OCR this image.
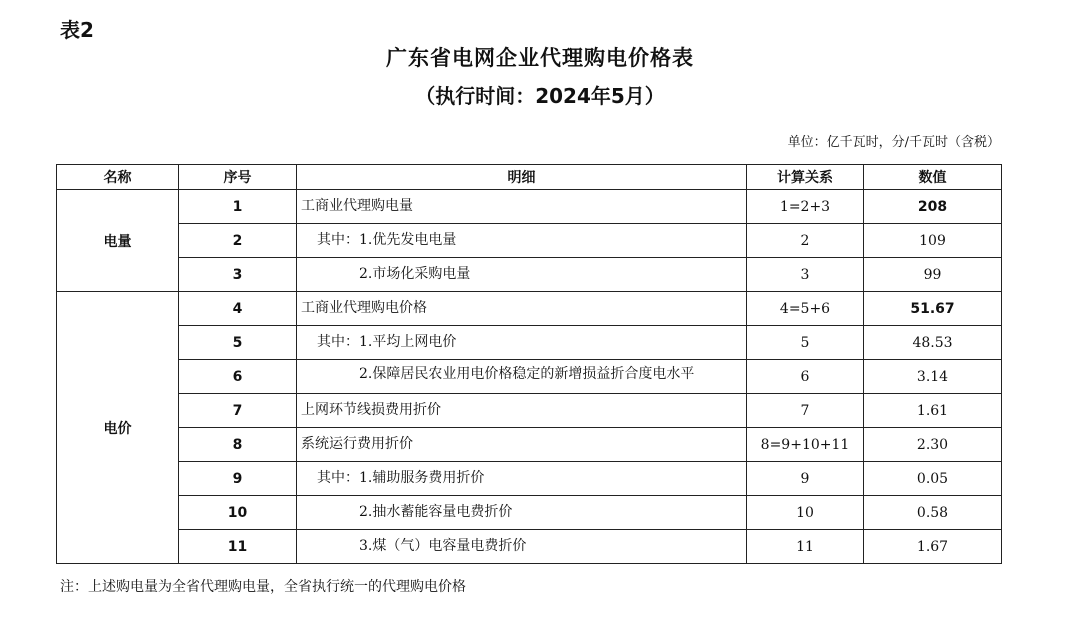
表2
广东省电网企业代理购电价格表
（执行时间：2024年5月）
单位：亿千瓦时，分/千瓦时（含税）
名称	序号	明细	计算关系	数值
电量	1	工商业代理购电量	1=2+3	208
	2	其中：1.优先发电电量	2	109
	3	2.市场化采购电量	3	99
电价	4	工商业代理购电价格	4=5+6	51.67
	5	其中：1.平均上网电价	5	48.53
	6	2.保障居民农业用电价格稳定的新增损益折合度电水平	6	3.14
	7	上网环节线损费用折价	7	1.61
	8	系统运行费用折价	8=9+10+11	2.30
	9	其中：1.辅助服务费用折价	9	0.05
	10	2.抽水蓄能容量电费折价	10	0.58
	11	3.煤（气）电容量电费折价	11	1.67
注：上述购电量为全省代理购电量，全省执行统一的代理购电价格
